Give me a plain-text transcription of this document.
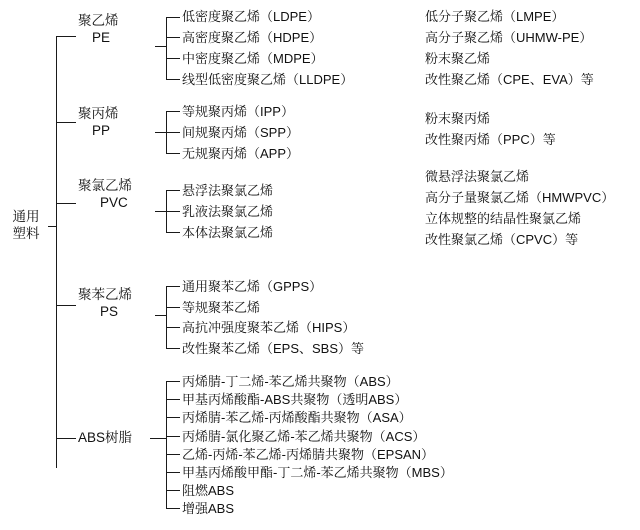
通用
塑料
聚乙烯
PE
低密度聚乙烯（LDPE）
高密度聚乙烯（HDPE）
中密度聚乙烯（MDPE）
线型低密度聚乙烯（LLDPE）
低分子聚乙烯（LMPE）
高分子聚乙烯（UHMW-PE）
粉末聚乙烯
改性聚乙烯（CPE、EVA）等
聚丙烯
PP
等规聚丙烯（IPP）
间规聚丙烯（SPP）
无规聚丙烯（APP）
粉末聚丙烯
改性聚丙烯（PPC）等
聚氯乙烯
PVC
悬浮法聚氯乙烯
乳液法聚氯乙烯
本体法聚氯乙烯
微悬浮法聚氯乙烯
高分子量聚氯乙烯（HMWPVC）
立体规整的结晶性聚氯乙烯
改性聚氯乙烯（CPVC）等
聚苯乙烯
PS
通用聚苯乙烯（GPPS）
等规聚苯乙烯
高抗冲强度聚苯乙烯（HIPS）
改性聚苯乙烯（EPS、SBS）等
ABS树脂
丙烯腈-丁二烯-苯乙烯共聚物（ABS）
甲基丙烯酸酯-ABS共聚物（透明ABS）
丙烯腈-苯乙烯-丙烯酸酯共聚物（ASA）
丙烯腈-氯化聚乙烯-苯乙烯共聚物（ACS）
乙烯-丙烯-苯乙烯-丙烯腈共聚物（EPSAN）
甲基丙烯酸甲酯-丁二烯-苯乙烯共聚物（MBS）
阻燃ABS
增强ABS
